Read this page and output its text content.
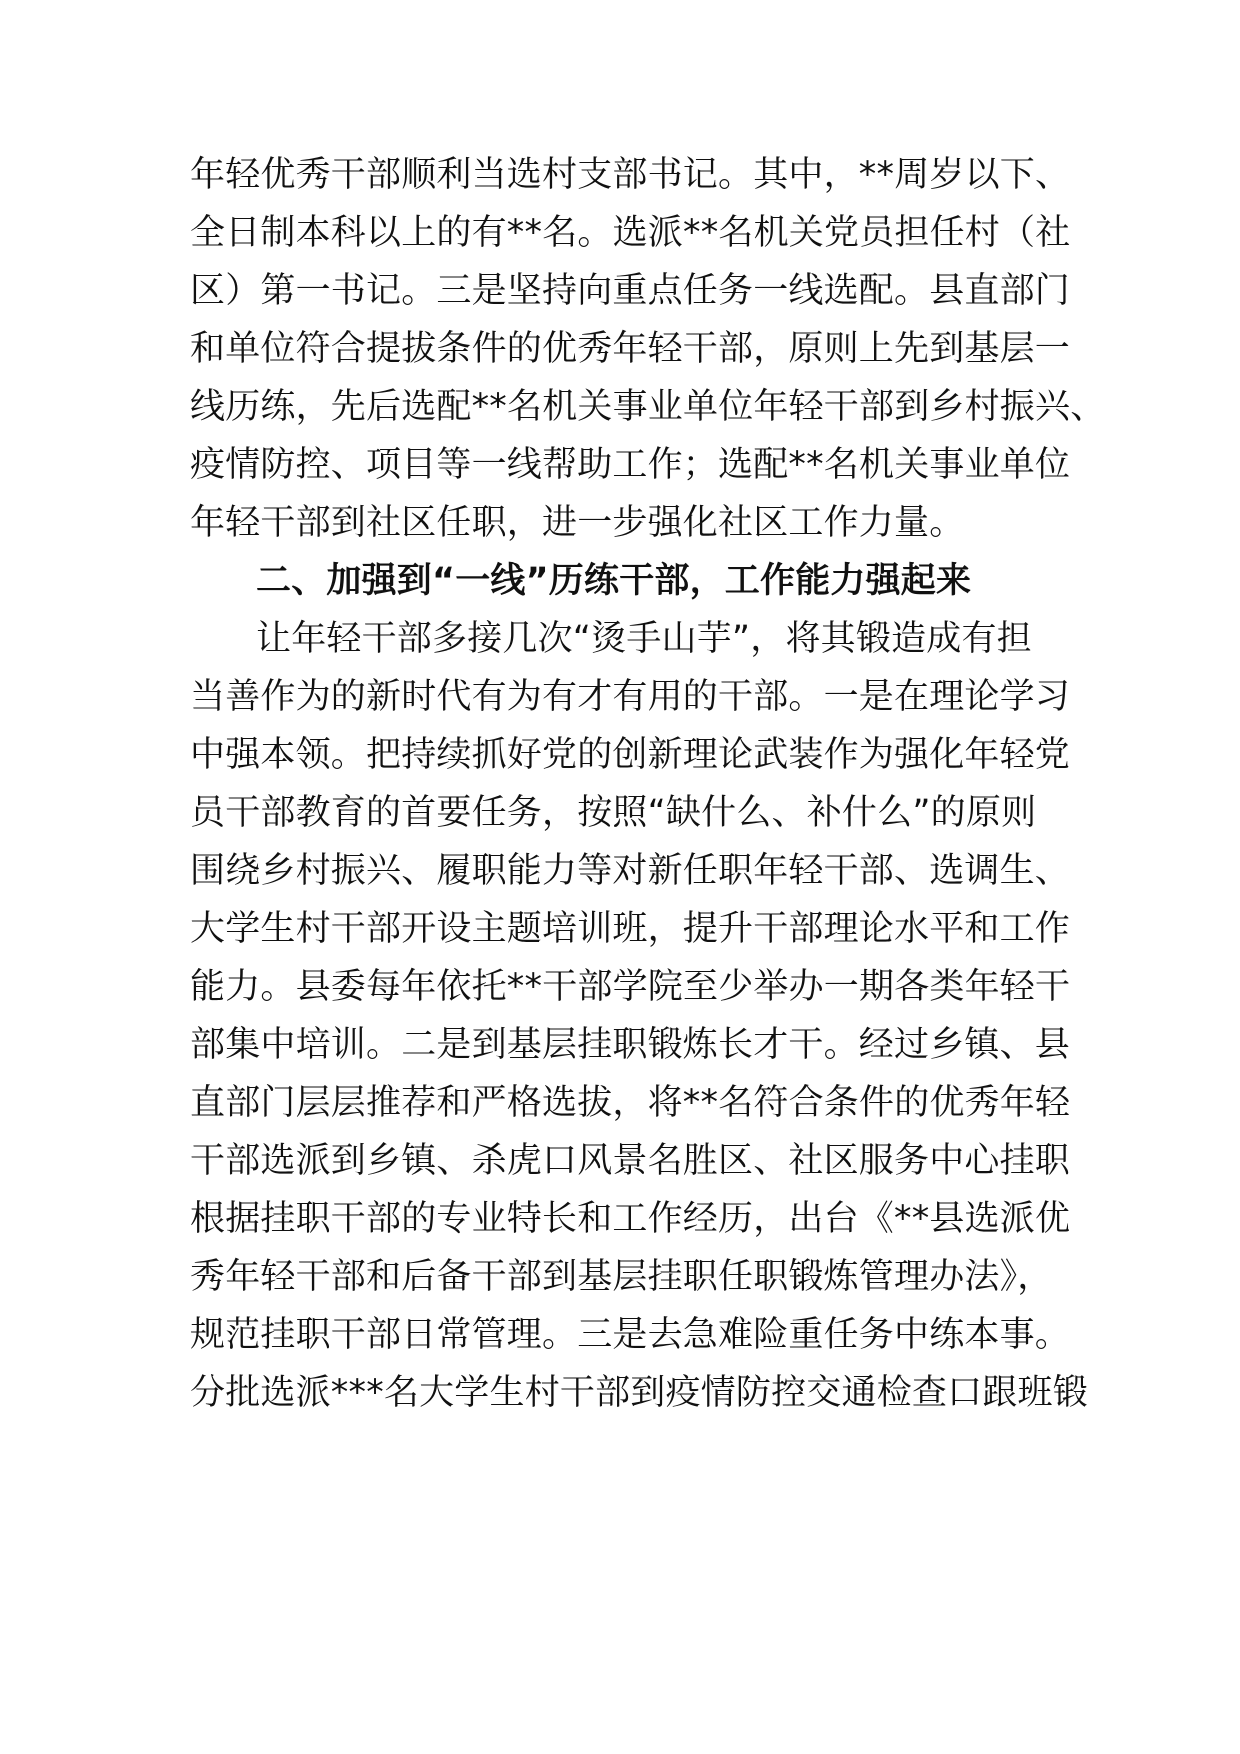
年轻优秀干部顺利当选村支部书记。其中，**周岁以下、
全日制本科以上的有**名。选派**名机关党员担任村（社
区）第一书记。三是坚持向重点任务一线选配。县直部门
和单位符合提拔条件的优秀年轻干部，原则上先到基层一
线历练，先后选配**名机关事业单位年轻干部到乡村振兴、
疫情防控、项目等一线帮助工作；选配**名机关事业单位
年轻干部到社区任职，进一步强化社区工作力量。
二、加强到“一线”历练干部，工作能力强起来
让年轻干部多接几次“烫手山芋”，将其锻造成有担
当善作为的新时代有为有才有用的干部。一是在理论学习
中强本领。把持续抓好党的创新理论武装作为强化年轻党
员干部教育的首要任务，按照“缺什么、补什么”的原则
围绕乡村振兴、履职能力等对新任职年轻干部、选调生、
大学生村干部开设主题培训班，提升干部理论水平和工作
能力。县委每年依托**干部学院至少举办一期各类年轻干
部集中培训。二是到基层挂职锻炼长才干。经过乡镇、县
直部门层层推荐和严格选拔，将**名符合条件的优秀年轻
干部选派到乡镇、杀虎口风景名胜区、社区服务中心挂职
根据挂职干部的专业特长和工作经历，出台《**县选派优
秀年轻干部和后备干部到基层挂职任职锻炼管理办法》，
规范挂职干部日常管理。三是去急难险重任务中练本事。
分批选派***名大学生村干部到疫情防控交通检查口跟班锻
